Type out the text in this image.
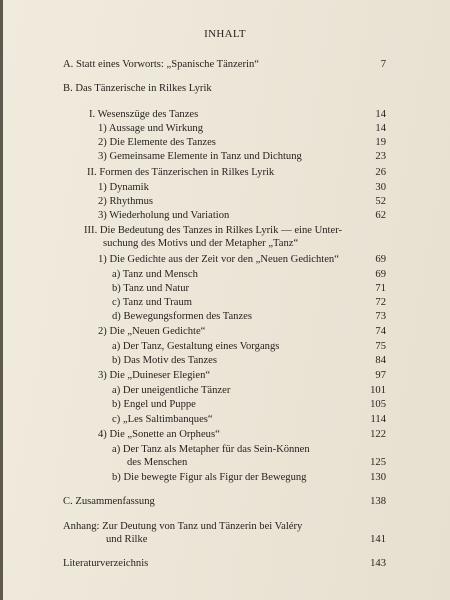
INHALT
A. Statt eines Vorworts: „Spanische Tänzerin“	7
B. Das Tänzerische in Rilkes Lyrik
I. Wesenszüge des Tanzes	14
1) Aussage und Wirkung	14
2) Die Elemente des Tanzes	19
3) Gemeinsame Elemente in Tanz und Dichtung	23
II. Formen des Tänzerischen in Rilkes Lyrik	26
1) Dynamik	30
2) Rhythmus	52
3) Wiederholung und Variation	62
III. Die Bedeutung des Tanzes in Rilkes Lyrik — eine Unter-
suchung des Motivs und der Metapher „Tanz“
1) Die Gedichte aus der Zeit vor den „Neuen Gedichten“	69
a) Tanz und Mensch	69
b) Tanz und Natur	71
c) Tanz und Traum	72
d) Bewegungsformen des Tanzes	73
2) Die „Neuen Gedichte“	74
a) Der Tanz, Gestaltung eines Vorgangs	75
b) Das Motiv des Tanzes	84
3) Die „Duineser Elegien“	97
a) Der uneigentliche Tänzer	101
b) Engel und Puppe	105
c) „Les Saltimbanques“	114
4) Die „Sonette an Orpheus“	122
a) Der Tanz als Metapher für das Sein-Können
des Menschen	125
b) Die bewegte Figur als Figur der Bewegung	130
C. Zusammenfassung	138
Anhang: Zur Deutung von Tanz und Tänzerin bei Valéry
und Rilke	141
Literaturverzeichnis	143
